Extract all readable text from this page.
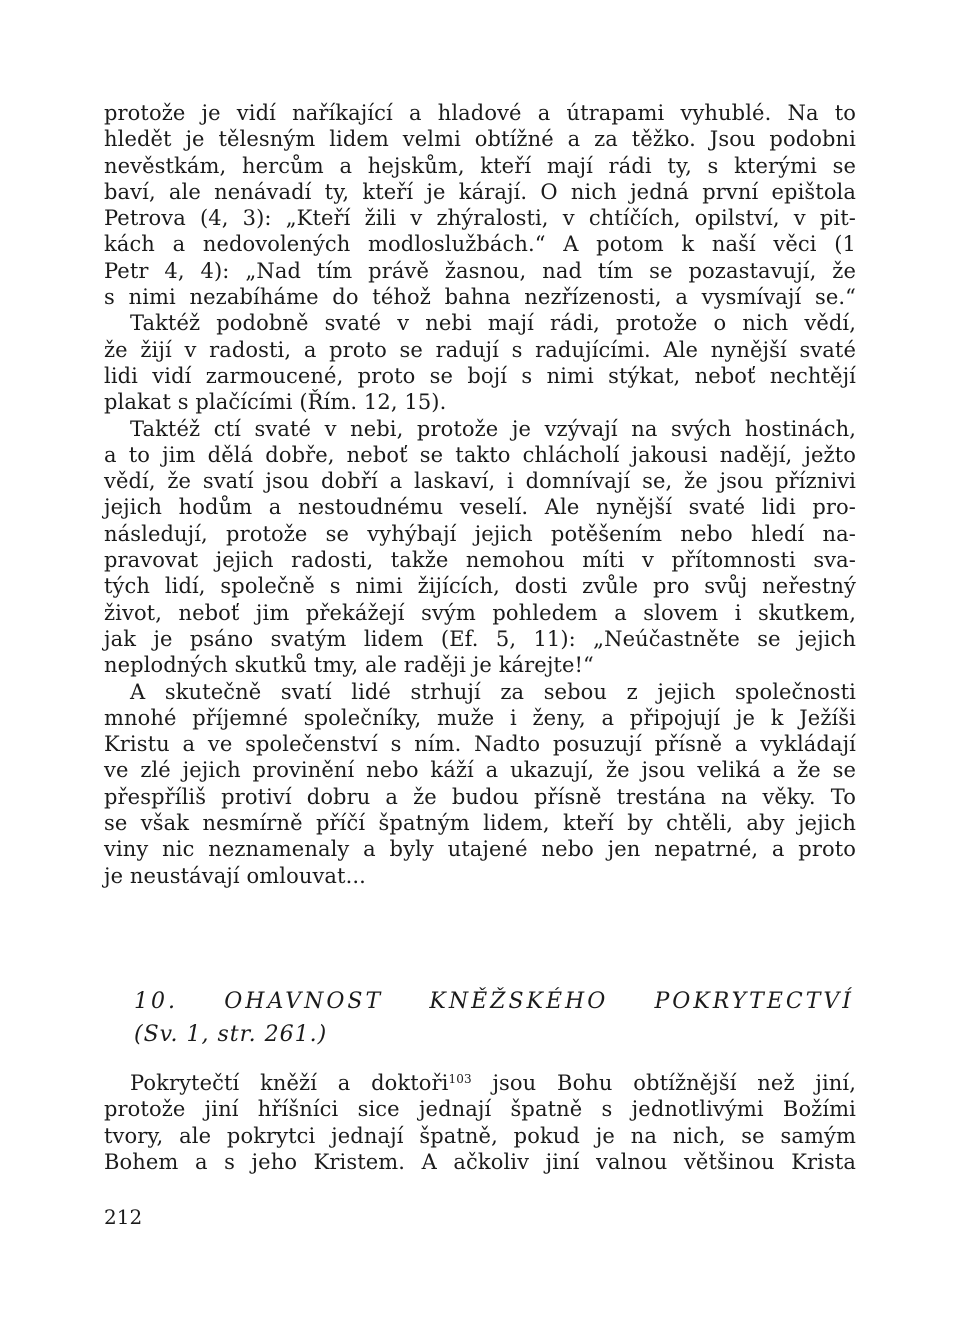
protože je vidí naříkající a hladové a útrapami vyhublé. Na to
hledět je tělesným lidem velmi obtížné a za těžko. Jsou podobni
nevěstkám, hercům a hejskům, kteří mají rádi ty, s kterými se
baví, ale nenávadí ty, kteří je kárají. O nich jedná první epištola
Petrova (4, 3): „Kteří žili v zhýralosti, v chtíčích, opilství, v pit-
kách a nedovolených modloslužbách.“ A potom k naší věci (1
Petr 4, 4): „Nad tím právě žasnou, nad tím se pozastavují, že
s nimi nezabíháme do téhož bahna nezřízenosti, a vysmívají se.“
Taktéž podobně svaté v nebi mají rádi, protože o nich vědí,
že žijí v radosti, a proto se radují s radujícími. Ale nynější svaté
lidi vidí zarmoucené, proto se bojí s nimi stýkat, neboť nechtějí
plakat s plačícími (Řím. 12, 15).
Taktéž ctí svaté v nebi, protože je vzývají na svých hostinách,
a to jim dělá dobře, neboť se takto chlácholí jakousi nadějí, ježto
vědí, že svatí jsou dobří a laskaví, i domnívají se, že jsou příznivi
jejich hodům a nestoudnému veselí. Ale nynější svaté lidi pro-
následují, protože se vyhýbají jejich potěšením nebo hledí na-
pravovat jejich radosti, takže nemohou míti v přítomnosti sva-
tých lidí, společně s nimi žijících, dosti zvůle pro svůj neřestný
život, neboť jim překážejí svým pohledem a slovem i skutkem,
jak je psáno svatým lidem (Ef. 5, 11): „Neúčastněte se jejich
neplodných skutků tmy, ale raději je kárejte!“
A skutečně svatí lidé strhují za sebou z jejich společnosti
mnohé příjemné společníky, muže i ženy, a připojují je k Ježíši
Kristu a ve společenství s ním. Nadto posuzují přísně a vykládají
ve zlé jejich provinění nebo káží a ukazují, že jsou veliká a že se
přespříliš protiví dobru a že budou přísně trestána na věky. To
se však nesmírně příčí špatným lidem, kteří by chtěli, aby jejich
viny nic neznamenaly a byly utajené nebo jen nepatrné, a proto
je neustávají omlouvat...
10. OHAVNOST KNĚŽSKÉHO POKRYTECTVÍ
(Sv. 1, str. 261.)
Pokrytečtí kněží a doktoři$^{103}$ jsou Bohu obtížnější než jiní,
protože jiní hříšníci sice jednají špatně s jednotlivými Božími
tvory, ale pokrytci jednají špatně, pokud je na nich, se samým
Bohem a s jeho Kristem. A ačkoliv jiní valnou většinou Krista
212
